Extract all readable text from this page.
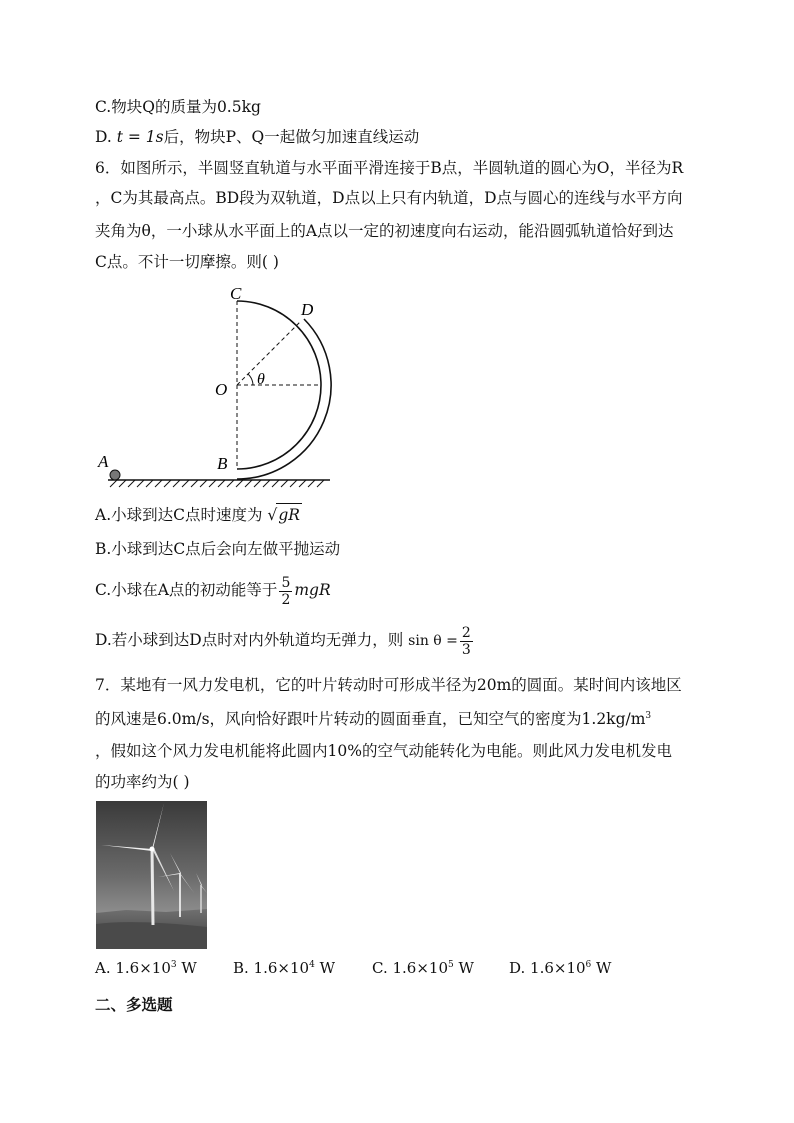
C.物块Q的质量为0.5kg
D. t = 1s后，物块P、Q一起做匀加速直线运动
6．如图所示，半圆竖直轨道与水平面平滑连接于B点，半圆轨道的圆心为O，半径为R
，C为其最高点。BD段为双轨道，D点以上只有内轨道，D点与圆心的连线与水平方向
夹角为θ，一小球从水平面上的A点以一定的初速度向右运动，能沿圆弧轨道恰好到达
C点。不计一切摩擦。则( )
C
D
O
θ
A	B
A.小球到达C点时速度为 √gR
B.小球到达C点后会向左做平抛运动
C.小球在A点的初动能等于 $\frac{5}{2}$ mgR
D.若小球到达D点时对内外轨道均无弹力，则 $\sin \theta = \frac{2}{3}$
7．某地有一风力发电机，它的叶片转动时可形成半径为20m的圆面。某时间内该地区
的风速是6.0m/s，风向恰好跟叶片转动的圆面垂直，已知空气的密度为$1.2kg/m^3$
，假如这个风力发电机能将此圆内10%的空气动能转化为电能。则此风力发电机发电
的功率约为( )
A. $1.6\times 10^3$ W B. $1.6\times 10^4$ W C. $1.6\times 10^5$ W D. $1.6\times 10^6$ W
二、多选题
